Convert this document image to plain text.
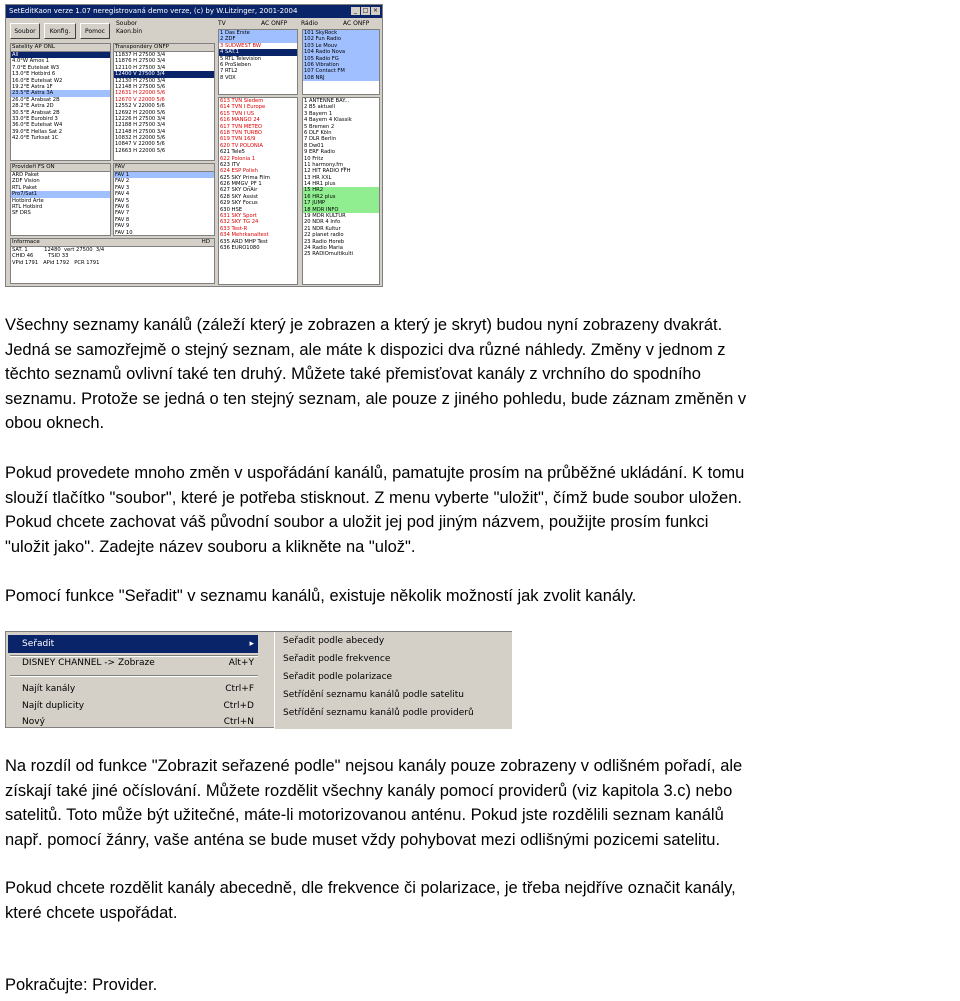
SetEditKaon verze 1.07 neregistrovaná demo verze, (c) by W.Litzinger, 2001-2004	_ □ ×
Soubor	Konfig.	Pomoc
Soubor
Kaon.bin
TV	AC ONFP Rádio	AC ONFP
Satelity AP ONL
All
4.0°W Amos 1
7.0°E Eutelsat W3
13.0°E Hotbird 6
16.0°E Eutelsat W2
19.2°E Astra 1F
23.5°E Astra 3A
26.0°E Arabsat 2B
28.2°E Astra 2D
30.5°E Arabsat 2B
33.0°E Eurobird 3
36.0°E Eutelsat W4
39.0°E Hellas Sat 2
42.0°E Turksat 1C
Transpondéry ONFP
11837 H 27500 3/4
11876 H 27500 3/4
12110 H 27500 3/4
12400 V 27500 3/4
12130 H 27500 3/4
12148 H 27500 5/6
12631 H 22000 5/6
12670 V 22000 5/6
12552 V 22000 5/6
12692 H 22000 5/6
12226 H 27500 3/4
12188 H 27500 3/4
12148 H 27500 3/4
10832 H 22000 5/6
10847 V 22000 5/6
12663 H 22000 5/6
Provideři FS ON
ARD Paket
ZDF Vision
RTL Paket
Pro7/Sat1
Hotbird Arte
RTL Hotbird
SF DRS
FAV
FAV 1
FAV 2
FAV 3
FAV 4
FAV 5
FAV 6
FAV 7
FAV 8
FAV 9
FAV 10
Informace	HD
SAT. 1          12480  vert 27500  3/4
CHID 46         TSID 33
VPid 1791   APid 1792   PCR 1791
1 Das Erste
2 ZDF
3 SÜDWEST BW
4 SAT.1
5 RTL Television
6 ProSieben
7 RTL2
8 VOX
613 TVN Siedem
614 TVN I Europe
615 TVN I US
616 MANGO 24
617 TVN METEO
618 TVN TURBO
619 TVN 16/9
620 TV POLONIA
621 Tele5
622 Polonia 1
623 ITV
624 ESP Polish
625 SKY Prima Film
626 MMGV_PF 1
627 SKY OnAir
628 SKY Assist
629 SKY Focus
630 HSE
631 SKY Sport
632 SKY TG 24
633 Test-R
634 Mehrkanaltest
635 ARD MHP Test
636 EURO1080
101 SkyRock
102 Fun Radio
103 Le Mouv
104 Radio Nova
105 Radio FG
106 Vibration
107 Contact FM
108 NRJ
1 ANTENNE BAY...
2 B5 aktuell
3 Bayern 1
4 Bayern 4 Klassik
5 Bremen 2
6 DLF Köln
7 DLR Berlin
8 Dw01
9 ERF Radio
10 Fritz
11 harmony.fm_
12 HIT RADIO FFH
13 HR XXL
14 HR1 plus
15 HR2
16 HR2 plus
17 JUMP
18 MDR INFO
19 MDR KULTUR
20 NDR 4 Info
21 NDR Kultur
22 planet radio
23 Radio Horeb
24 Radio Maria
25 RADIOmultikulti
Všechny seznamy kanálů (záleží který je zobrazen a který je skryt) budou nyní zobrazeny dvakrát.
Jedná se samozřejmě o stejný seznam, ale máte k dispozici dva různé náhledy. Změny v jednom z
těchto seznamů ovlivní také ten druhý. Můžete také přemisťovat kanály z vrchního do spodního
seznamu. Protože se jedná o ten stejný seznam, ale pouze z jiného pohledu, bude záznam změněn v
obou oknech.
Pokud provedete mnoho změn v uspořádání kanálů, pamatujte prosím na průběžné ukládání. K tomu
slouží tlačítko "soubor", které je potřeba stisknout. Z menu vyberte "uložit", čímž bude soubor uložen.
Pokud chcete zachovat váš původní soubor a uložit jej pod jiným názvem, použijte prosím funkci
"uložit jako". Zadejte název souboru a klikněte na "ulož".
Pomocí funkce "Seřadit" v seznamu kanálů, existuje několik možností jak zvolit kanály.
Seřadit	▸
DISNEY CHANNEL -> Zobraze	Alt+Y
Najít kanály	Ctrl+F
Najít duplicity	Ctrl+D
Nový	Ctrl+N
Seřadit podle abecedy
Seřadit podle frekvence
Seřadit podle polarizace
Setřídění seznamu kanálů podle satelitu
Setřídění seznamu kanálů podle providerů
Na rozdíl od funkce "Zobrazit seřazené podle" nejsou kanály pouze zobrazeny v odlišném pořadí, ale
získají také jiné očíslování. Můžete rozdělit všechny kanály pomocí providerů (viz kapitola 3.c) nebo
satelitů. Toto může být užitečné, máte-li motorizovanou anténu. Pokud jste rozdělili seznam kanálů
např. pomocí žánry, vaše anténa se bude muset vždy pohybovat mezi odlišnými pozicemi satelitu.
Pokud chcete rozdělit kanály abecedně, dle frekvence či polarizace, je třeba nejdříve označit kanály,
které chcete uspořádat.
Pokračujte: Provider.
